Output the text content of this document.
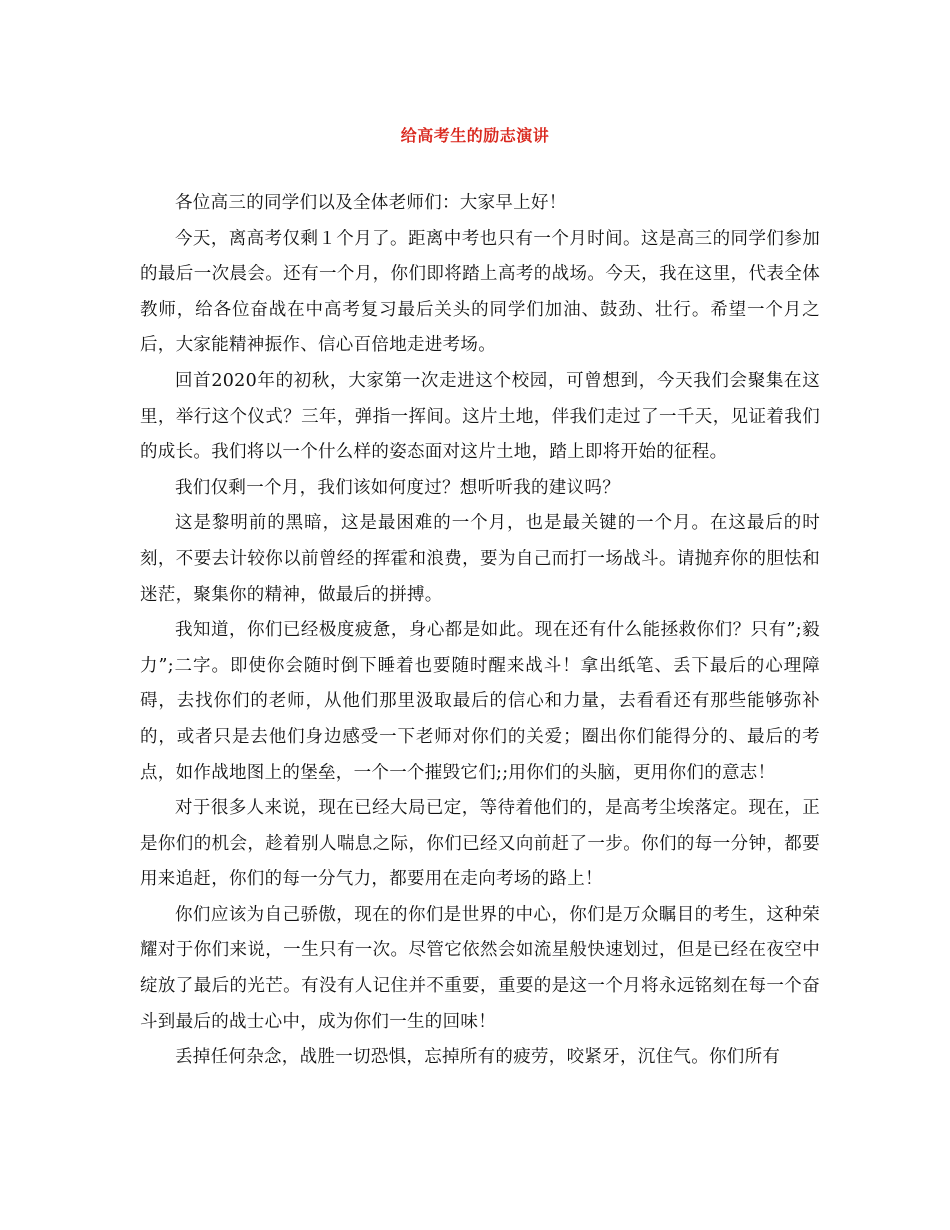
给高考生的励志演讲

各位高三的同学们以及全体老师们：大家早上好！

今天，离高考仅剩１个月了。距离中考也只有一个月时间。这是高三的同学们参加的最后一次晨会。还有一个月，你们即将踏上高考的战场。今天，我在这里，代表全体教师，给各位奋战在中高考复习最后关头的同学们加油、鼓劲、壮行。希望一个月之后，大家能精神振作、信心百倍地走进考场。

回首2020年的初秋，大家第一次走进这个校园，可曾想到，今天我们会聚集在这里，举行这个仪式？三年，弹指一挥间。这片土地，伴我们走过了一千天，见证着我们的成长。我们将以一个什么样的姿态面对这片土地，踏上即将开始的征程。

我们仅剩一个月，我们该如何度过？想听听我的建议吗？

这是黎明前的黑暗，这是最困难的一个月，也是最关键的一个月。在这最后的时刻，不要去计较你以前曾经的挥霍和浪费，要为自己而打一场战斗。请抛弃你的胆怯和迷茫，聚集你的精神，做最后的拼搏。

我知道，你们已经极度疲惫，身心都是如此。现在还有什么能拯救你们？只有”;毅力”;二字。即使你会随时倒下睡着也要随时醒来战斗！拿出纸笔、丢下最后的心理障碍，去找你们的老师，从他们那里汲取最后的信心和力量，去看看还有那些能够弥补的，或者只是去他们身边感受一下老师对你们的关爱；圈出你们能得分的、最后的考点，如作战地图上的堡垒，一个一个摧毁它们;;用你们的头脑，更用你们的意志！

对于很多人来说，现在已经大局已定，等待着他们的，是高考尘埃落定。现在，正是你们的机会，趁着别人喘息之际，你们已经又向前赶了一步。你们的每一分钟，都要用来追赶，你们的每一分气力，都要用在走向考场的路上！

你们应该为自己骄傲，现在的你们是世界的中心，你们是万众瞩目的考生，这种荣耀对于你们来说，一生只有一次。尽管它依然会如流星般快速划过，但是已经在夜空中绽放了最后的光芒。有没有人记住并不重要，重要的是这一个月将永远铭刻在每一个奋斗到最后的战士心中，成为你们一生的回味！

丢掉任何杂念，战胜一切恐惧，忘掉所有的疲劳，咬紧牙，沉住气。你们所有
